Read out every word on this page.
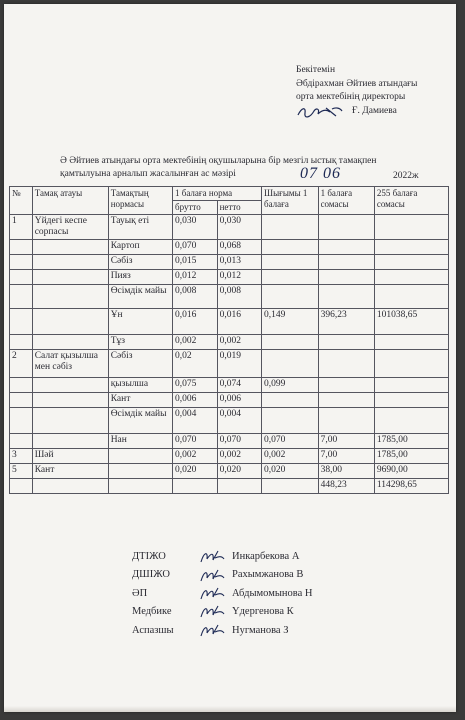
Бекітемін
Әбдірахман Әйтиев атындағы
орта мектебінің директоры
Ғ. Дамиева
Ә Әйтиев атындағы орта мектебінің оқушыларына бір мезгіл ыстық тамақпен
қамтылуына арналып жасалынған ас мәзірі	07 06	2022ж
№	Тамақ атауы	Тамақтың нормасы	1 балаға норма		Шығымы 1 балаға	1 балаға сомасы	255 балаға сомасы
			брутто	нетто			
1	Үйдегі кеспе сорпасы	Тауық еті	0,030	0,030			
		Картоп	0,070	0,068			
		Сәбіз	0,015	0,013			
		Пияз	0,012	0,012			
		Өсімдік майы	0,008	0,008			
		Ұн	0,016	0,016	0,149	396,23	101038,65
		Тұз	0,002	0,002			
2	Салат қызылша мен сәбіз	Сәбіз	0,02	0,019			
		қызылша	0,075	0,074	0,099		
		Кант	0,006	0,006			
		Өсімдік майы	0,004	0,004			
		Нан	0,070	0,070	0,070	7,00	1785,00
3	Шәй		0,002	0,002	0,002	7,00	1785,00
5	Кант		0,020	0,020	0,020	38,00	9690,00
						448,23	114298,65
ДТІЖО	Инкарбекова А
ДШІЖО	Рахымжанова В
ӘП	Абдымомынова Н
Медбике	Үдергенова К
Аспазшы	Нугманова З
